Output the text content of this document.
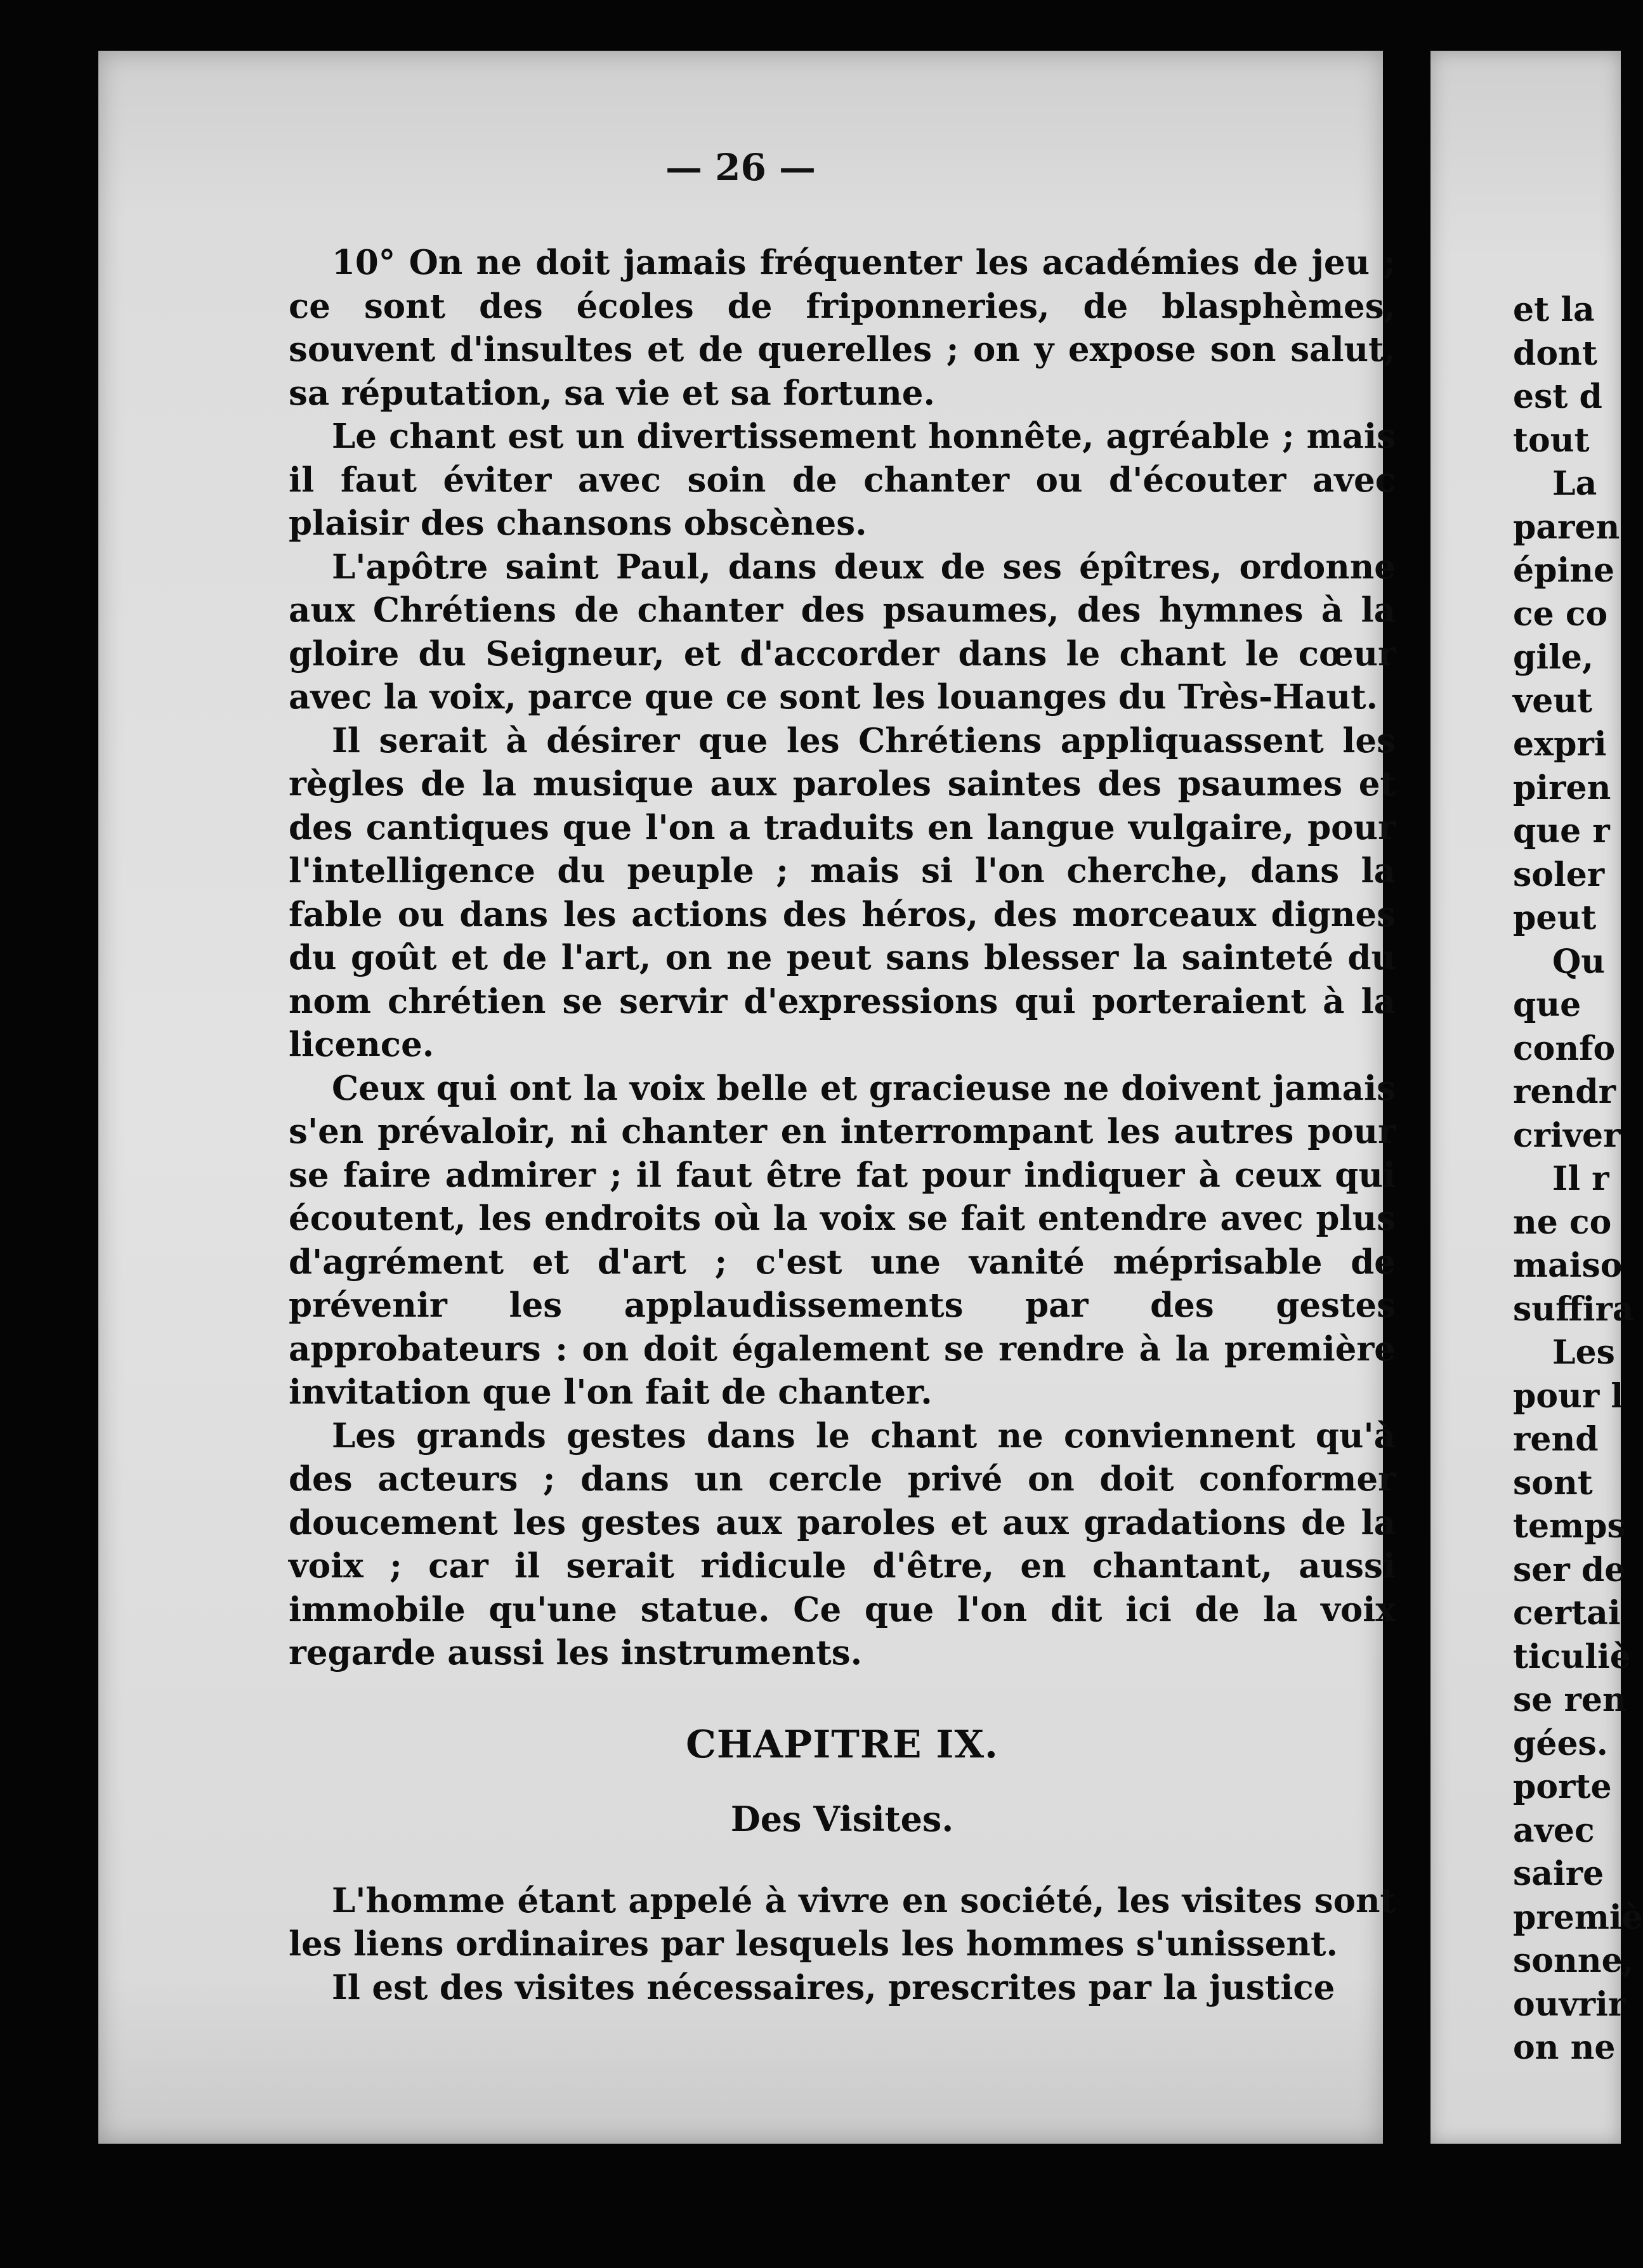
— 26 —

10° On ne doit jamais fréquenter les académies de jeu ; ce sont des écoles de friponneries, de blasphèmes, souvent d'insultes et de querelles ; on y expose son salut, sa réputation, sa vie et sa fortune.

Le chant est un divertissement honnête, agréable ; mais il faut éviter avec soin de chanter ou d'écouter avec plaisir des chansons obscènes.

L'apôtre saint Paul, dans deux de ses épîtres, ordonne aux Chrétiens de chanter des psaumes, des hymnes à la gloire du Seigneur, et d'accorder dans le chant le cœur avec la voix, parce que ce sont les louanges du Très-Haut.

Il serait à désirer que les Chrétiens appliquassent les règles de la musique aux paroles saintes des psaumes et des cantiques que l'on a traduits en langue vulgaire, pour l'intelligence du peuple ; mais si l'on cherche, dans la fable ou dans les actions des héros, des morceaux dignes du goût et de l'art, on ne peut sans blesser la sainteté du nom chrétien se servir d'expressions qui porteraient à la licence.

Ceux qui ont la voix belle et gracieuse ne doivent jamais s'en prévaloir, ni chanter en interrompant les autres pour se faire admirer ; il faut être fat pour indiquer à ceux qui écoutent, les endroits où la voix se fait entendre avec plus d'agrément et d'art ; c'est une vanité méprisable de prévenir les applaudissements par des gestes approbateurs : on doit également se rendre à la première invitation que l'on fait de chanter.

Les grands gestes dans le chant ne conviennent qu'à des acteurs ; dans un cercle privé on doit conformer doucement les gestes aux paroles et aux gradations de la voix ; car il serait ridicule d'être, en chantant, aussi immobile qu'une statue. Ce que l'on dit ici de la voix regarde aussi les instruments.

CHAPITRE IX.
Des Visites.

L'homme étant appelé à vivre en société, les visites sont les liens ordinaires par lesquels les hommes s'unissent.

Il est des visites nécessaires, prescrites par la justice

et la
dont
est d
tout
La
paren
épine
ce co
gile,
veut
expri
piren
que r
soler
peut
Qu
que
confo
rendr
criver
Il r
ne co
maiso
suffira
Les
pour l
rend
sont
temps
ser de
certai
ticuliè
se ren
gées.
porte
avec
saire
premiè
sonne,
ouvrir
on ne
